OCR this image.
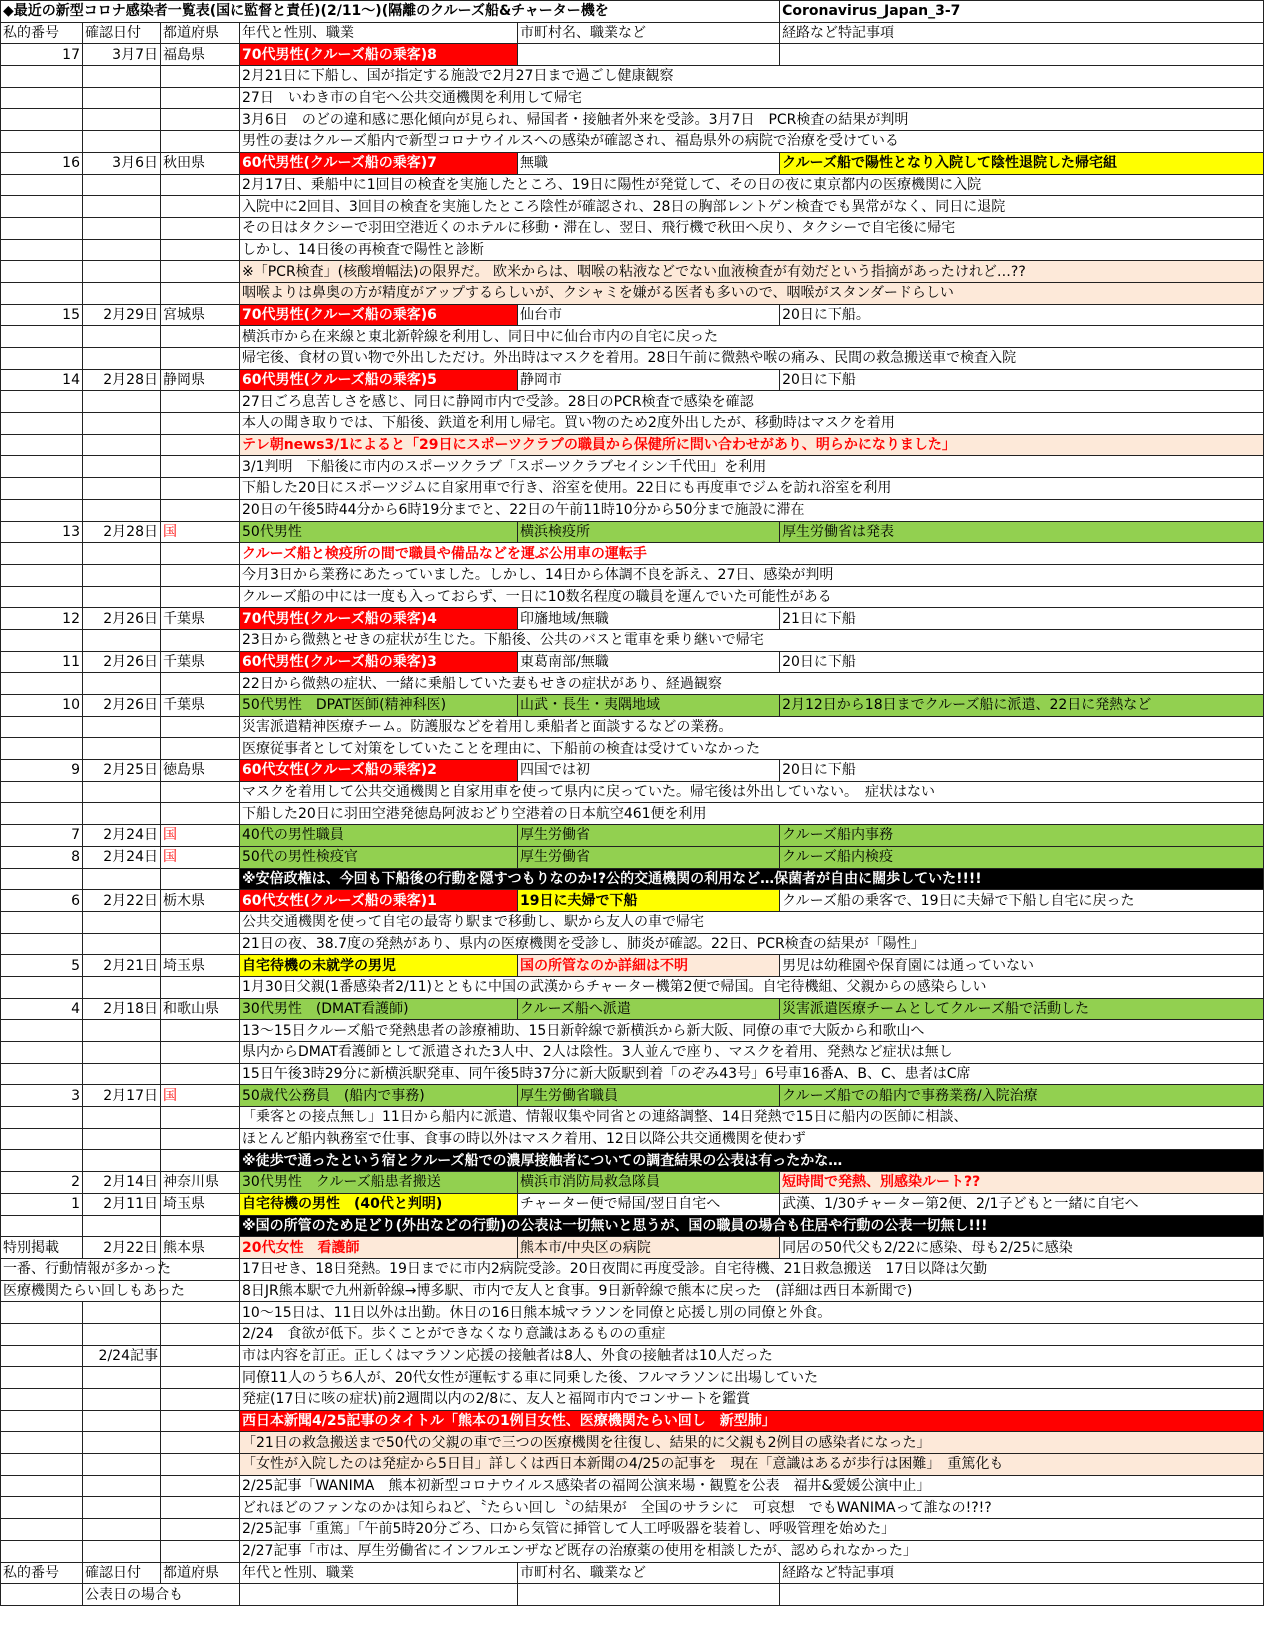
◆最近の新型コロナ感染者一覧表(国に監督と責任)(2/11〜)(隔離のクルーズ船&チャーター機を					Coronavirus_Japan_3-7
私的番号	確認日付	都道府県	年代と性別、職業	市町村名、職業など	経路など特記事項
17	3月7日	福島県	70代男性(クルーズ船の乗客)8		
			2月21日に下船し、国が指定する施設で2月27日まで過ごし健康観察		
			27日　いわき市の自宅へ公共交通機関を利用して帰宅		
			3月6日　のどの違和感に悪化傾向が見られ、帰国者・接触者外来を受診。3月7日　PCR検査の結果が判明		
			男性の妻はクルーズ船内で新型コロナウイルスへの感染が確認され、福島県外の病院で治療を受けている		
16	3月6日	秋田県	60代男性(クルーズ船の乗客)7	無職	クルーズ船で陽性となり入院して陰性退院した帰宅組
			2月17日、乗船中に1回目の検査を実施したところ、19日に陽性が発覚して、その日の夜に東京都内の医療機関に入院		
			入院中に2回目、3回目の検査を実施したところ陰性が確認され、28日の胸部レントゲン検査でも異常がなく、同日に退院		
			その日はタクシーで羽田空港近くのホテルに移動・滞在し、翌日、飛行機で秋田へ戻り、タクシーで自宅後に帰宅		
			しかし、14日後の再検査で陽性と診断		
			※「PCR検査」(核酸増幅法)の限界だ。 欧米からは、咽喉の粘液などでない血液検査が有効だという指摘があったけれど…??		
			咽喉よりは鼻奥の方が精度がアップするらしいが、クシャミを嫌がる医者も多いので、咽喉がスタンダードらしい		
15	2月29日	宮城県	70代男性(クルーズ船の乗客)6	仙台市	20日に下船。
			横浜市から在来線と東北新幹線を利用し、同日中に仙台市内の自宅に戻った		
			帰宅後、食材の買い物で外出しただけ。外出時はマスクを着用。28日午前に微熱や喉の痛み、民間の救急搬送車で検査入院		
14	2月28日	静岡県	60代男性(クルーズ船の乗客)5	静岡市	20日に下船
			27日ごろ息苦しさを感じ、同日に静岡市内で受診。28日のPCR検査で感染を確認		
			本人の聞き取りでは、下船後、鉄道を利用し帰宅。買い物のため2度外出したが、移動時はマスクを着用		
			テレ朝news3/1によると「29日にスポーツクラブの職員から保健所に問い合わせがあり、明らかになりました」		
			3/1判明　下船後に市内のスポーツクラブ「スポーツクラブセイシン千代田」を利用		
			下船した20日にスポーツジムに自家用車で行き、浴室を使用。22日にも再度車でジムを訪れ浴室を利用		
			20日の午後5時44分から6時19分までと、22日の午前11時10分から50分まで施設に滞在		
13	2月28日	国	50代男性	横浜検疫所	厚生労働省は発表
			クルーズ船と検疫所の間で職員や備品などを運ぶ公用車の運転手		
			今月3日から業務にあたっていました。しかし、14日から体調不良を訴え、27日、感染が判明		
			クルーズ船の中には一度も入っておらず、一日に10数名程度の職員を運んでいた可能性がある		
12	2月26日	千葉県	70代男性(クルーズ船の乗客)4	印旛地域/無職	21日に下船
			23日から微熱とせきの症状が生じた。下船後、公共のバスと電車を乗り継いで帰宅		
11	2月26日	千葉県	60代男性(クルーズ船の乗客)3	東葛南部/無職	20日に下船
			22日から微熱の症状、一緒に乗船していた妻もせきの症状があり、経過観察		
10	2月26日	千葉県	50代男性　DPAT医師(精神科医)	山武・長生・夷隅地域	2月12日から18日までクルーズ船に派遣、22日に発熱など
			災害派遣精神医療チーム。防護服などを着用し乗船者と面談するなどの業務。		
			医療従事者として対策をしていたことを理由に、下船前の検査は受けていなかった		
9	2月25日	徳島県	60代女性(クルーズ船の乗客)2	四国では初	20日に下船
			マスクを着用して公共交通機関と自家用車を使って県内に戻っていた。帰宅後は外出していない。　症状はない		
			下船した20日に羽田空港発徳島阿波おどり空港着の日本航空461便を利用		
7	2月24日	国	40代の男性職員	厚生労働省	クルーズ船内事務
8	2月24日	国	50代の男性検疫官	厚生労働省	クルーズ船内検疫
			※安倍政権は、今回も下船後の行動を隠すつもりなのか!?公的交通機関の利用など…保菌者が自由に闊歩していた!!!!		
6	2月22日	栃木県	60代女性(クルーズ船の乗客)1	19日に夫婦で下船	クルーズ船の乗客で、19日に夫婦で下船し自宅に戻った
			公共交通機関を使って自宅の最寄り駅まで移動し、駅から友人の車で帰宅		
			21日の夜、38.7度の発熱があり、県内の医療機関を受診し、肺炎が確認。22日、PCR検査の結果が「陽性」		
5	2月21日	埼玉県	自宅待機の未就学の男児	国の所管なのか詳細は不明	男児は幼稚園や保育園には通っていない
			1月30日父親(1番感染者2/11)とともに中国の武漢からチャーター機第2便で帰国。自宅待機組、父親からの感染らしい		
4	2月18日	和歌山県	30代男性　(DMAT看護師)	クルーズ船へ派遣	災害派遣医療チームとしてクルーズ船で活動した
			13～15日クルーズ船で発熱患者の診療補助、15日新幹線で新横浜から新大阪、同僚の車で大阪から和歌山へ		
			県内からDMAT看護師として派遣された3人中、2人は陰性。3人並んで座り、マスクを着用、発熱など症状は無し		
			15日午後3時29分に新横浜駅発車、同午後5時37分に新大阪駅到着「のぞみ43号」6号車16番A、B、C、患者はC席		
3	2月17日	国	50歳代公務員　(船内で事務)	厚生労働省職員	クルーズ船での船内で事務業務/入院治療
			「乗客との接点無し」11日から船内に派遣、情報収集や同省との連絡調整、14日発熱で15日に船内の医師に相談、		
			ほとんど船内執務室で仕事、食事の時以外はマスク着用、12日以降公共交通機関を使わず		
			※徒歩で通ったという宿とクルーズ船での濃厚接触者についての調査結果の公表は有ったかな…		
2	2月14日	神奈川県	30代男性　クルーズ船患者搬送	横浜市消防局救急隊員	短時間で発熱、別感染ルート??
1	2月11日	埼玉県	自宅待機の男性　(40代と判明)	チャーター便で帰国/翌日自宅へ	武漢、1/30チャーター第2便、2/1子どもと一緒に自宅へ
			※国の所管のため足どり(外出などの行動)の公表は一切無いと思うが、国の職員の場合も住居や行動の公表一切無し!!!		
特別掲載	2月22日	熊本県	20代女性　看護師	熊本市/中央区の病院	同居の50代父も2/22に感染、母も2/25に感染
一番、行動情報が多かった			17日せき、18日発熱。19日までに市内2病院受診。20日夜間に再度受診。自宅待機、21日救急搬送　17日以降は欠勤		
医療機関たらい回しもあった			8日JR熊本駅で九州新幹線→博多駅、市内で友人と食事。9日新幹線で熊本に戻った　(詳細は西日本新聞で)		
			10～15日は、11日以外は出勤。休日の16日熊本城マラソンを同僚と応援し別の同僚と外食。		
			2/24　食欲が低下。歩くことができなくなり意識はあるものの重症		
	2/24記事		市は内容を訂正。正しくはマラソン応援の接触者は8人、外食の接触者は10人だった		
			同僚11人のうち6人が、20代女性が運転する車に同乗した後、フルマラソンに出場していた		
			発症(17日に咳の症状)前2週間以内の2/8に、友人と福岡市内でコンサートを鑑賞		
			西日本新聞4/25記事のタイトル「熊本の1例目女性、医療機関たらい回し　新型肺」		
			「21日の救急搬送まで50代の父親の車で三つの医療機関を往復し、結果的に父親も2例目の感染者になった」		
			「女性が入院したのは発症から5日目」詳しくは西日本新聞の4/25の記事を　現在「意識はあるが歩行は困難」　重篤化も		
			2/25記事「WANIMA　熊本初新型コロナウイルス感染者の福岡公演来場・観覧を公表　福井&愛媛公演中止」		
			どれほどのファンなのかは知らねど、〝たらい回し〝の結果が　全国のサラシに　可哀想　でもWANIMAって誰なの!?!?		
			2/25記事「重篤」「午前5時20分ごろ、口から気管に挿管して人工呼吸器を装着し、呼吸管理を始めた」		
			2/27記事「市は、厚生労働省にインフルエンザなど既存の治療薬の使用を相談したが、認められなかった」		
私的番号	確認日付	都道府県	年代と性別、職業	市町村名、職業など	経路など特記事項
	公表日の場合も				
